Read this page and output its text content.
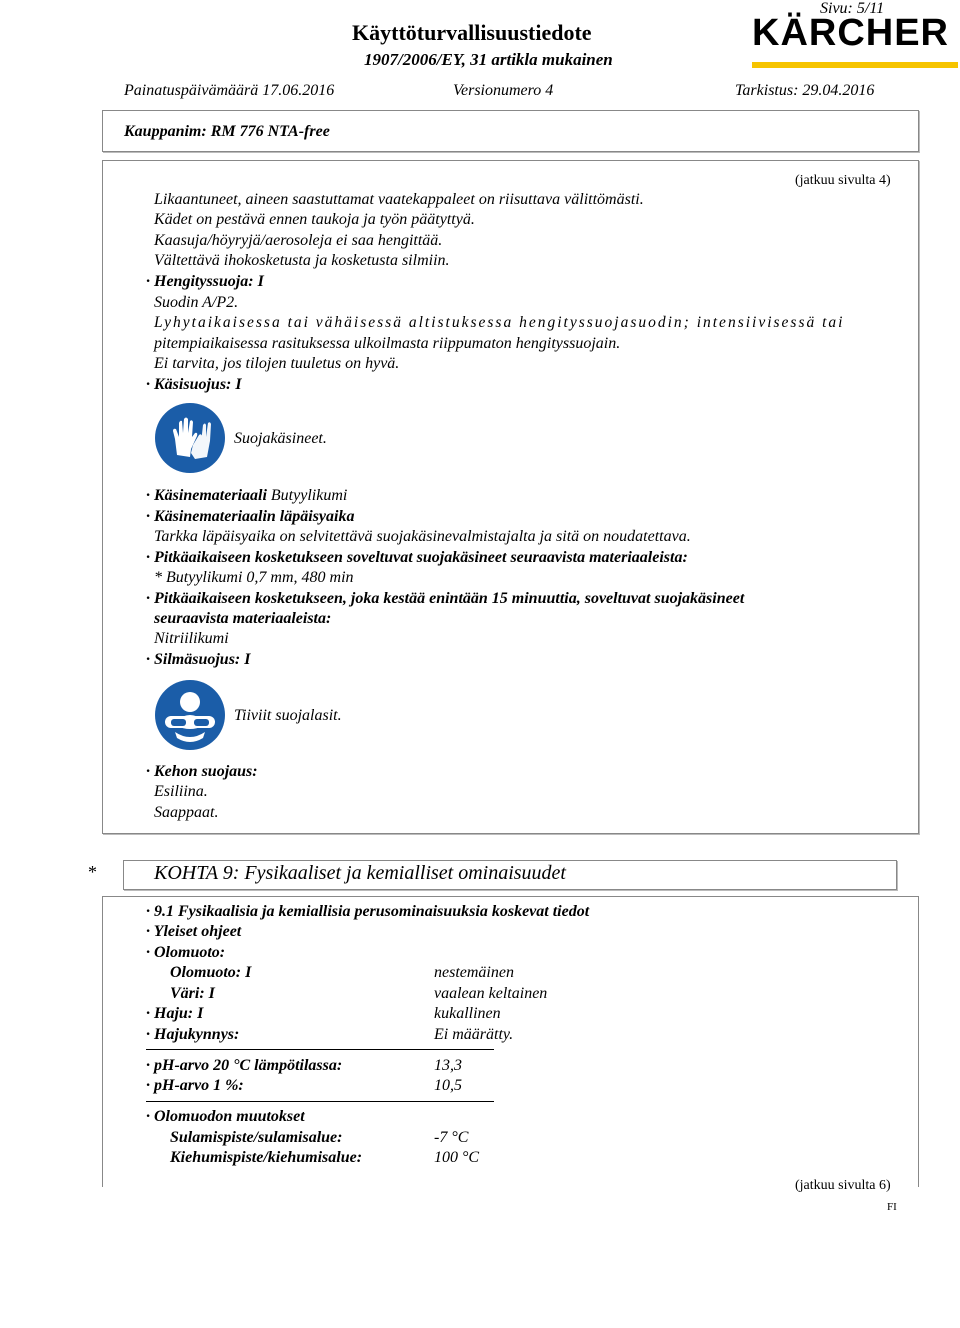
Sivu: 5/11
Käyttöturvallisuustiedote
1907/2006/EY, 31 artikla mukainen
KÄRCHER
Painatuspäivämäärä 17.06.2016	Versionumero 4	Tarkistus: 29.04.2016
Kauppanim: RM 776 NTA-free
(jatkuu sivulta 4)
Likaantuneet, aineen saastuttamat vaatekappaleet on riisuttava välittömästi.
Kädet on pestävä ennen taukoja ja työn päätyttyä.
Kaasuja/höyryjä/aerosoleja ei saa hengittää.
Vältettävä ihokosketusta ja kosketusta silmiin.
· Hengityssuoja: I
Suodin A/P2.
Lyhytaikaisessa tai vähäisessä altistuksessa hengityssuojasuodin; intensiivisessä tai
pitempiaikaisessa rasituksessa ulkoilmasta riippumaton hengityssuojain.
Ei tarvita, jos tilojen tuuletus on hyvä.
· Käsisuojus: I
Suojakäsineet.
· Käsinemateriaali Butyylikumi
· Käsinemateriaalin läpäisyaika
Tarkka läpäisyaika on selvitettävä suojakäsinevalmistajalta ja sitä on noudatettava.
· Pitkäaikaiseen kosketukseen soveltuvat suojakäsineet seuraavista materiaaleista:
* Butyylikumi 0,7 mm, 480 min
· Pitkäaikaiseen kosketukseen, joka kestää enintään 15 minuuttia, soveltuvat suojakäsineet
seuraavista materiaaleista:
Nitriilikumi
· Silmäsuojus: I
Tiiviit suojalasit.
· Kehon suojaus:
Esiliina.
Saappaat.
*	KOHTA 9: Fysikaaliset ja kemialliset ominaisuudet
· 9.1 Fysikaalisia ja kemiallisia perusominaisuuksia koskevat tiedot
· Yleiset ohjeet
· Olomuoto:
Olomuoto: I	nestemäinen
Väri: I	vaalean keltainen
· Haju: I	kukallinen
· Hajukynnys:	Ei määrätty.
· pH-arvo 20 °C lämpötilassa:	13,3
· pH-arvo 1 %:	10,5
· Olomuodon muutokset
Sulamispiste/sulamisalue:	-7 °C
Kiehumispiste/kiehumisalue:	100 °C
(jatkuu sivulta 6)
FI
